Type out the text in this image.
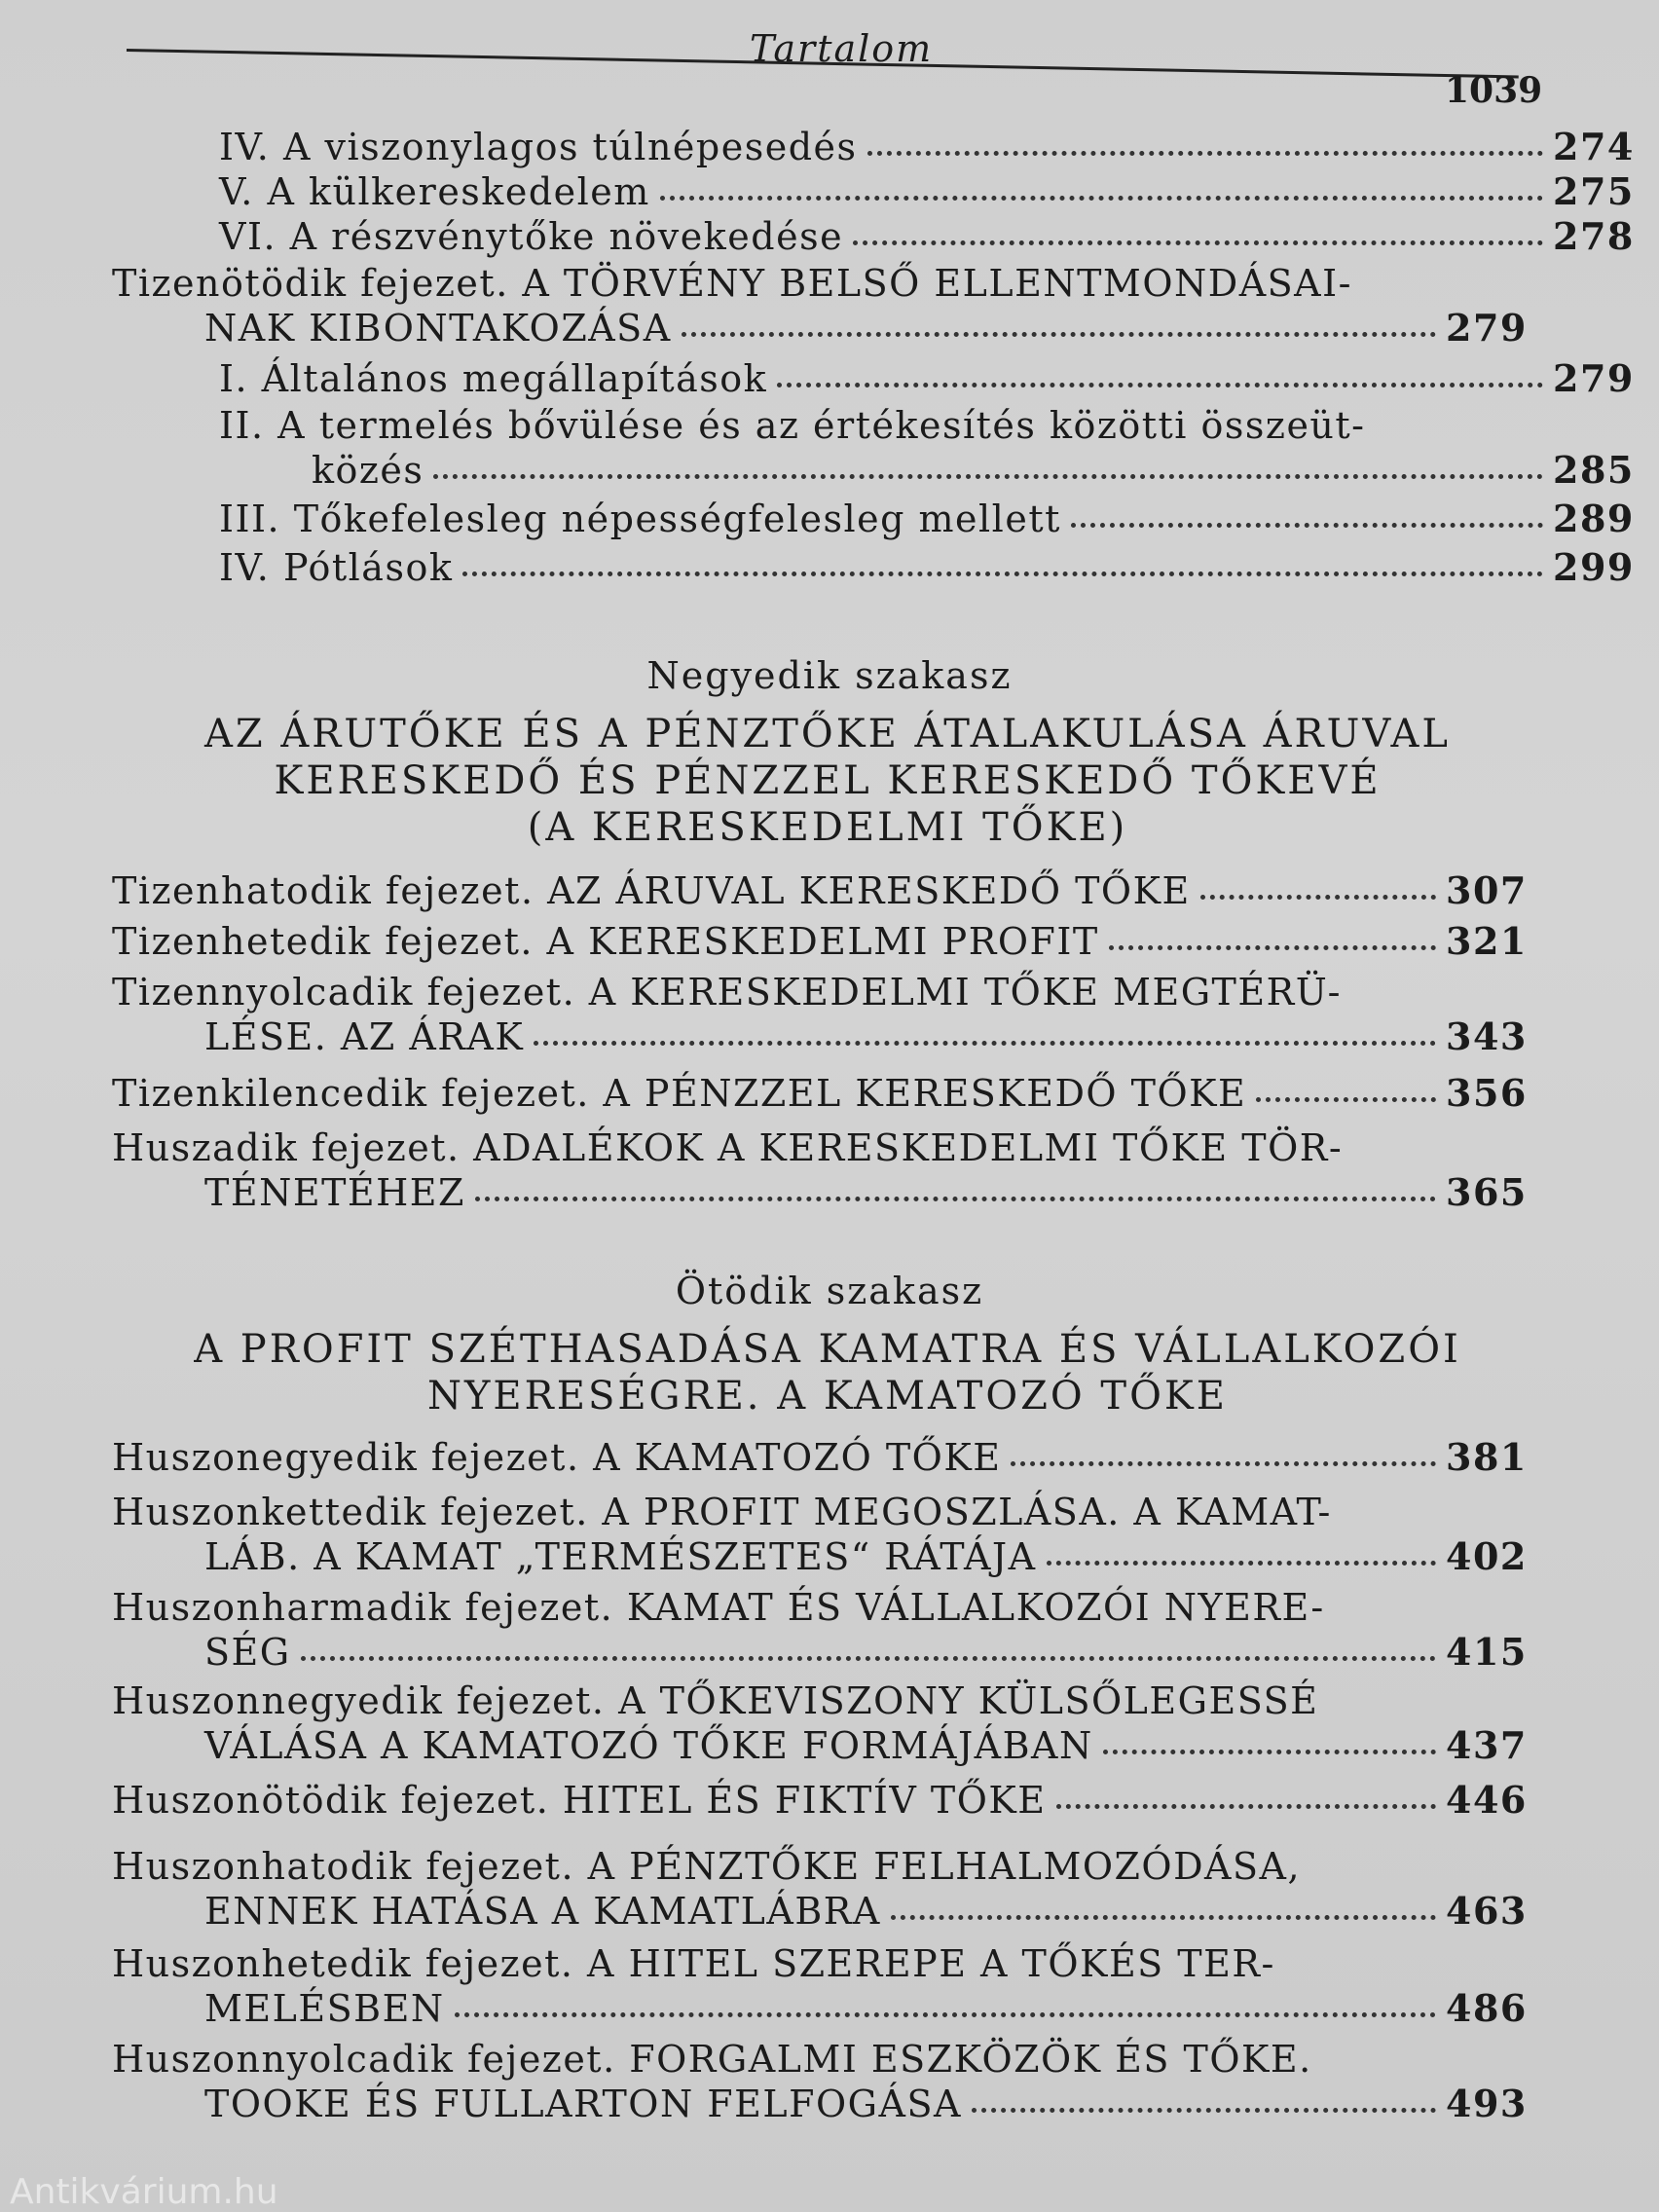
Tartalom
1039
IV. A viszonylagos túlnépesedés	274
V. A külkereskedelem	275
VI. A részvénytőke növekedése	278
Tizenötödik fejezet. A TÖRVÉNY BELSŐ ELLENTMONDÁSAI-
NAK KIBONTAKOZÁSA	279
I. Általános megállapítások	279
II. A termelés bővülése és az értékesítés közötti összeüt-
közés	285
III. Tőkefelesleg népességfelesleg mellett	289
IV. Pótlások	299
Negyedik szakasz
AZ ÁRUTŐKE ÉS A PÉNZTŐKE ÁTALAKULÁSA ÁRUVAL
KERESKEDŐ ÉS PÉNZZEL KERESKEDŐ TŐKEVÉ
(A KERESKEDELMI TŐKE)
Tizenhatodik fejezet. AZ ÁRUVAL KERESKEDŐ TŐKE	307
Tizenhetedik fejezet. A KERESKEDELMI PROFIT	321
Tizennyolcadik fejezet. A KERESKEDELMI TŐKE MEGTÉRÜ-
LÉSE. AZ ÁRAK	343
Tizenkilencedik fejezet. A PÉNZZEL KERESKEDŐ TŐKE	356
Huszadik fejezet. ADALÉKOK A KERESKEDELMI TŐKE TÖR-
TÉNETÉHEZ	365
Ötödik szakasz
A PROFIT SZÉTHASADÁSA KAMATRA ÉS VÁLLALKOZÓI
NYERESÉGRE. A KAMATOZÓ TŐKE
Huszonegyedik fejezet. A KAMATOZÓ TŐKE	381
Huszonkettedik fejezet. A PROFIT MEGOSZLÁSA. A KAMAT-
LÁB. A KAMAT „TERMÉSZETES“ RÁTÁJA	402
Huszonharmadik fejezet. KAMAT ÉS VÁLLALKOZÓI NYERE-
SÉG	415
Huszonnegyedik fejezet. A TŐKEVISZONY KÜLSŐLEGESSÉ
VÁLÁSA A KAMATOZÓ TŐKE FORMÁJÁBAN	437
Huszonötödik fejezet. HITEL ÉS FIKTÍV TŐKE	446
Huszonhatodik fejezet. A PÉNZTŐKE FELHALMOZÓDÁSA,
ENNEK HATÁSA A KAMATLÁBRA	463
Huszonhetedik fejezet. A HITEL SZEREPE A TŐKÉS TER-
MELÉSBEN	486
Huszonnyolcadik fejezet. FORGALMI ESZKÖZÖK ÉS TŐKE.
TOOKE ÉS FULLARTON FELFOGÁSA	493
Antikvárium.hu
